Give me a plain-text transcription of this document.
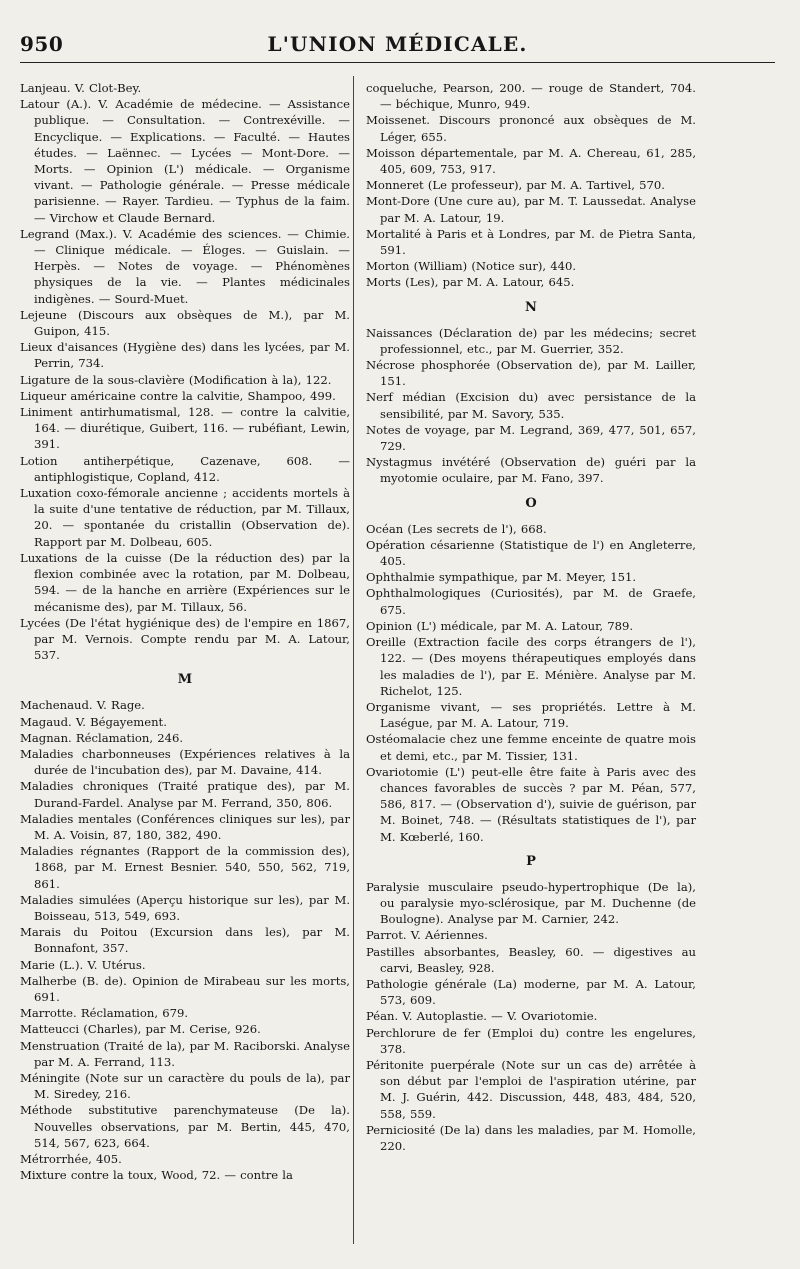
950	L'UNION MÉDICALE.

Lanjeau. V. Clot-Bey.

Latour (A.). V. Académie de médecine. — Assistance publique. — Consultation. — Contrexéville. — Encyclique. — Explications. — Faculté. — Hautes études. — Laënnec. — Lycées — Mont-Dore. — Morts. — Opinion (L') médicale. — Organisme vivant. — Pathologie générale. — Presse médicale parisienne. — Rayer. Tardieu. — Typhus de la faim. — Virchow et Claude Bernard.

Legrand (Max.). V. Académie des sciences. — Chimie. — Clinique médicale. — Éloges. — Guislain. — Herpès. — Notes de voyage. — Phénomènes physiques de la vie. — Plantes médicinales indigènes. — Sourd-Muet.

Lejeune (Discours aux obsèques de M.), par M. Guipon, 415.

Lieux d'aisances (Hygiène des) dans les lycées, par M. Perrin, 734.

Ligature de la sous-clavière (Modification à la), 122.

Liqueur américaine contre la calvitie, Shampoo, 499.

Liniment antirhumatismal, 128. — contre la calvitie, 164. — diurétique, Guibert, 116. — rubéfiant, Lewin, 391.

Lotion antiherpétique, Cazenave, 608. — antiphlogistique, Copland, 412.

Luxation coxo-fémorale ancienne ; accidents mortels à la suite d'une tentative de réduction, par M. Tillaux, 20. — spontanée du cristallin (Observation de). Rapport par M. Dolbeau, 605.

Luxations de la cuisse (De la réduction des) par la flexion combinée avec la rotation, par M. Dolbeau, 594. — de la hanche en arrière (Expériences sur le mécanisme des), par M. Tillaux, 56.

Lycées (De l'état hygiénique des) de l'empire en 1867, par M. Vernois. Compte rendu par M. A. Latour, 537.

M

Machenaud. V. Rage.

Magaud. V. Bégayement.

Magnan. Réclamation, 246.

Maladies charbonneuses (Expériences relatives à la durée de l'incubation des), par M. Davaine, 414.

Maladies chroniques (Traité pratique des), par M. Durand-Fardel. Analyse par M. Ferrand, 350, 806.

Maladies mentales (Conférences cliniques sur les), par M. A. Voisin, 87, 180, 382, 490.

Maladies régnantes (Rapport de la commission des), 1868, par M. Ernest Besnier. 540, 550, 562, 719, 861.

Maladies simulées (Aperçu historique sur les), par M. Boisseau, 513, 549, 693.

Marais du Poitou (Excursion dans les), par M. Bonnafont, 357.

Marie (L.). V. Utérus.

Malherbe (B. de). Opinion de Mirabeau sur les morts, 691.

Marrotte. Réclamation, 679.

Matteucci (Charles), par M. Cerise, 926.

Menstruation (Traité de la), par M. Raciborski. Analyse par M. A. Ferrand, 113.

Méningite (Note sur un caractère du pouls de la), par M. Siredey, 216.

Méthode substitutive parenchymateuse (De la). Nouvelles observations, par M. Bertin, 445, 470, 514, 567, 623, 664.

Métrorrhée, 405.

Mixture contre la toux, Wood, 72. — contre la

coqueluche, Pearson, 200. — rouge de Standert, 704. — béchique, Munro, 949.

Moissenet. Discours prononcé aux obsèques de M. Léger, 655.

Moisson départementale, par M. A. Chereau, 61, 285, 405, 609, 753, 917.

Monneret (Le professeur), par M. A. Tartivel, 570.

Mont-Dore (Une cure au), par M. T. Laussedat. Analyse par M. A. Latour, 19.

Mortalité à Paris et à Londres, par M. de Pietra Santa, 591.

Morton (William) (Notice sur), 440.

Morts (Les), par M. A. Latour, 645.

N

Naissances (Déclaration de) par les médecins; secret professionnel, etc., par M. Guerrier, 352.

Nécrose phosphorée (Observation de), par M. Lailler, 151.

Nerf médian (Excision du) avec persistance de la sensibilité, par M. Savory, 535.

Notes de voyage, par M. Legrand, 369, 477, 501, 657, 729.

Nystagmus invétéré (Observation de) guéri par la myotomie oculaire, par M. Fano, 397.

O

Océan (Les secrets de l'), 668.

Opération césarienne (Statistique de l') en Angleterre, 405.

Ophthalmie sympathique, par M. Meyer, 151.

Ophthalmologiques (Curiosités), par M. de Graefe, 675.

Opinion (L') médicale, par M. A. Latour, 789.

Oreille (Extraction facile des corps étrangers de l'), 122. — (Des moyens thérapeutiques employés dans les maladies de l'), par E. Ménière. Analyse par M. Richelot, 125.

Organisme vivant, — ses propriétés. Lettre à M. Laségue, par M. A. Latour, 719.

Ostéomalacie chez une femme enceinte de quatre mois et demi, etc., par M. Tissier, 131.

Ovariotomie (L') peut-elle être faite à Paris avec des chances favorables de succès ? par M. Péan, 577, 586, 817. — (Observation d'), suivie de guérison, par M. Boinet, 748. — (Résultats statistiques de l'), par M. Kœberlé, 160.

P

Paralysie musculaire pseudo-hypertrophique (De la), ou paralysie myo-sclérosique, par M. Duchenne (de Boulogne). Analyse par M. Carnier, 242.

Parrot. V. Aériennes.

Pastilles absorbantes, Beasley, 60. — digestives au carvi, Beasley, 928.

Pathologie générale (La) moderne, par M. A. Latour, 573, 609.

Péan. V. Autoplastie. — V. Ovariotomie.

Perchlorure de fer (Emploi du) contre les engelures, 378.

Péritonite puerpérale (Note sur un cas de) arrêtée à son début par l'emploi de l'aspiration utérine, par M. J. Guérin, 442. Discussion, 448, 483, 484, 520, 558, 559.

Perniciosité (De la) dans les maladies, par M. Homolle, 220.
